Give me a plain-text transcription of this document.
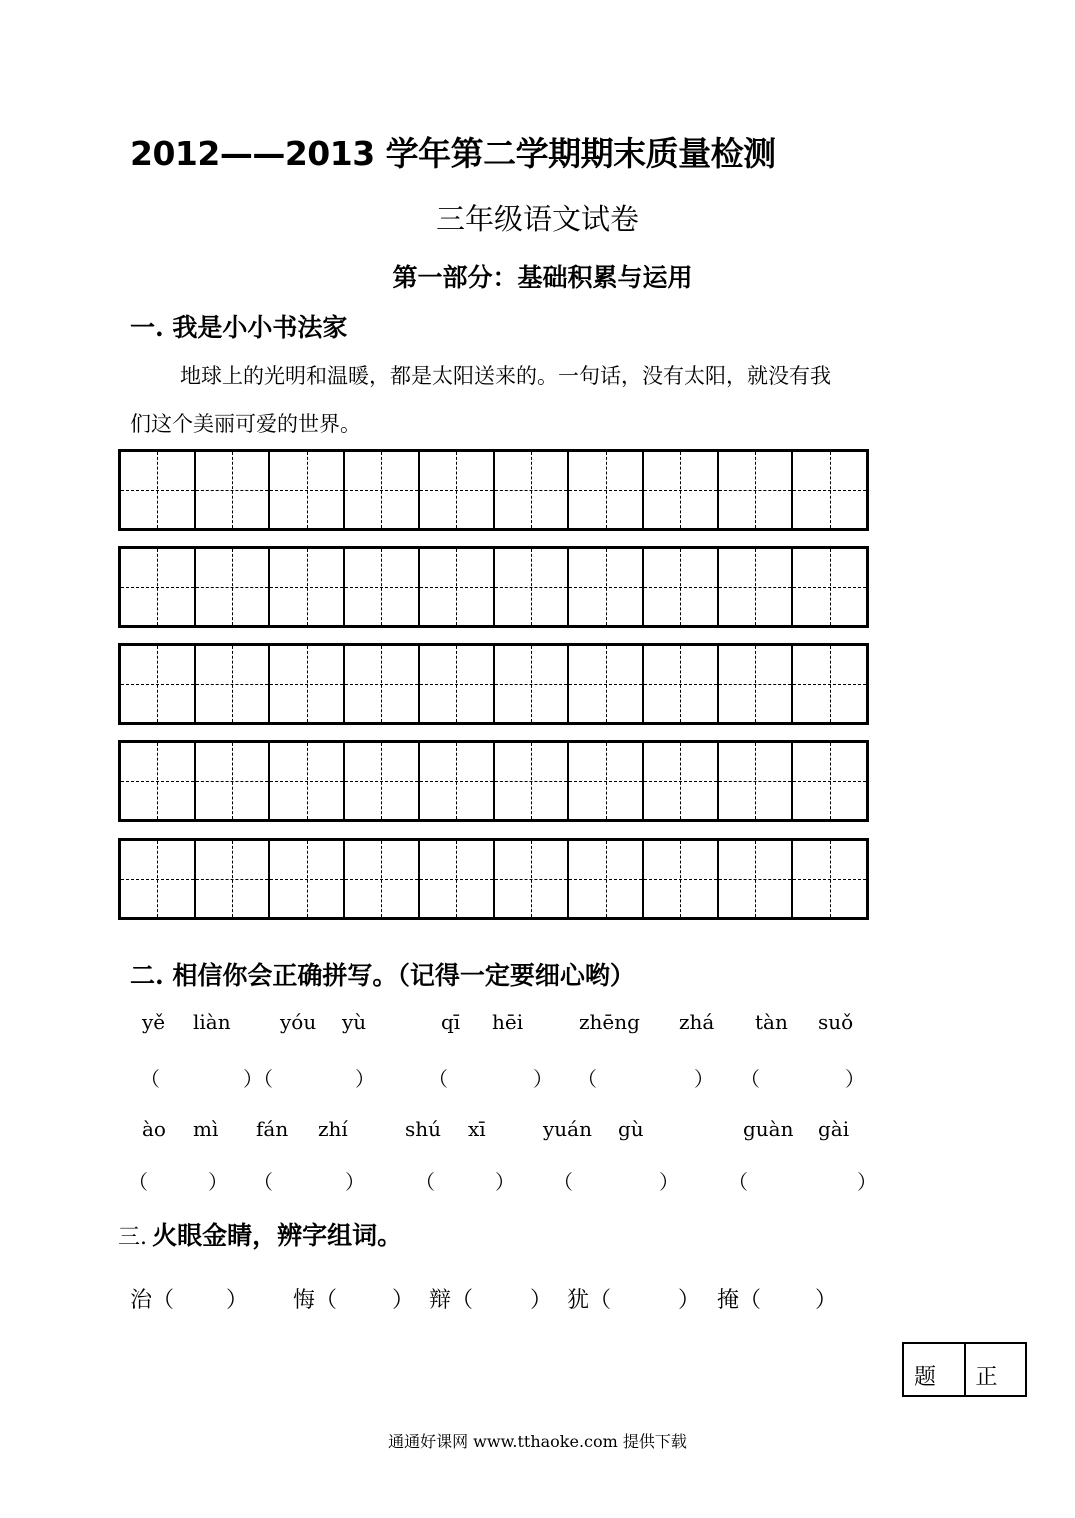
2012——2013 学年第二学期期末质量检测
三年级语文试卷
第一部分：基础积累与运用
一. 我是小小书法家
地球上的光明和温暖，都是太阳送来的。一句话，没有太阳，就没有我
们这个美丽可爱的世界。
二. 相信你会正确拼写。（记得一定要细心哟）
yě liàn yóu yù	qī hēi	zhēng zhá tàn suǒ
（	）（	）	（	） （	） （	）
ào mì fán zhí	shú xī	yuán gù	guàn gài
（	） （	）	（	） （	） （	）
三. 火眼金睛，辨字组词。
治（ ） 悔（ ） 辩（	） 犹（	） 掩（ ）
题 正
通通好课网 www.tthaoke.com 提供下载
